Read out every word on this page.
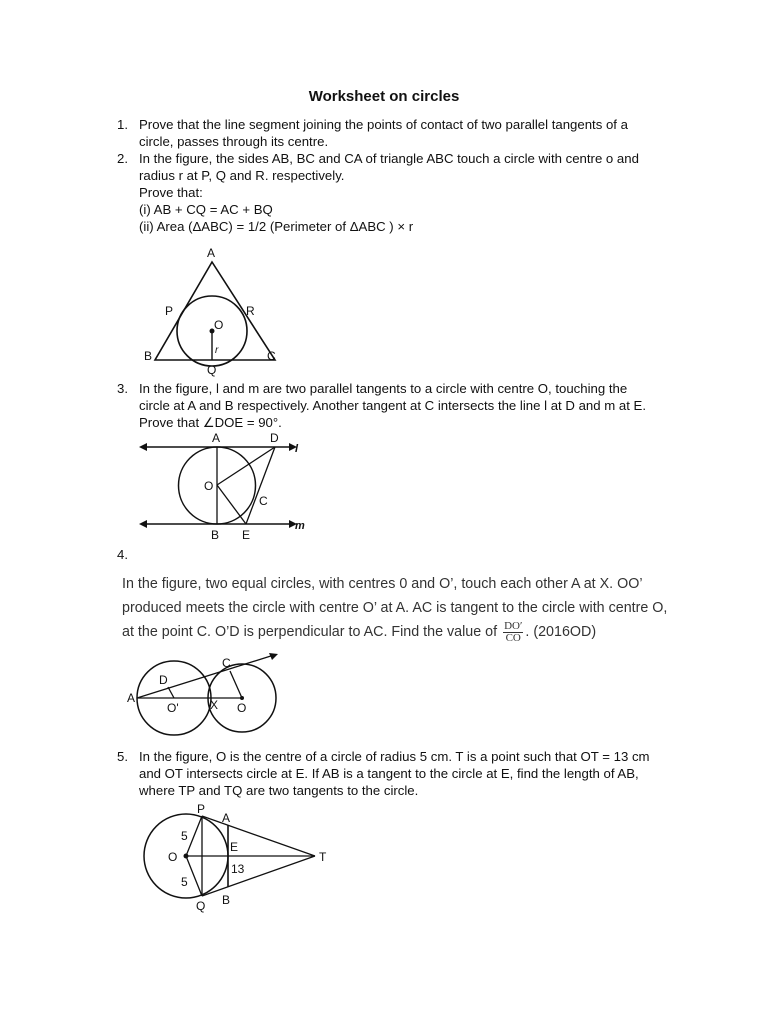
Worksheet on circles
1. Prove that the line segment joining the points of contact of two parallel tangents of a
circle, passes through its centre.
2. In the figure, the sides AB, BC and CA of triangle ABC touch a circle with centre o and
radius r at P, Q and R. respectively.
Prove that:
(i) AB + CQ = AC + BQ
(ii) Area (ΔABC) = 1/2 (Perimeter of ΔABC ) × r
A
B	C
P
Q
R
O
r
3. In the figure, l and m are two parallel tangents to a circle with centre O, touching the
circle at A and B respectively. Another tangent at C intersects the line l at D and m at E.
Prove that ∠DOE = 90°.
A	D
l
O
C
m
B E
4.
In the figure, two equal circles, with centres 0 and O’, touch each other A at X. OO’
produced meets the circle with centre O’ at A. AC is tangent to the circle with centre O,
at the point C. O’D is perpendicular to AC. Find the value of $\frac{DO'}{CO}$ . (2016OD)
A
D
C
O'	X O
5. In the figure, O is the centre of a circle of radius 5 cm. T is a point such that OT = 13 cm
and OT intersects circle at E. If AB is a tangent to the circle at E, find the length of AB,
where TP and TQ are two tangents to the circle.
P
A
5
O
E
T
5
13
Q B
